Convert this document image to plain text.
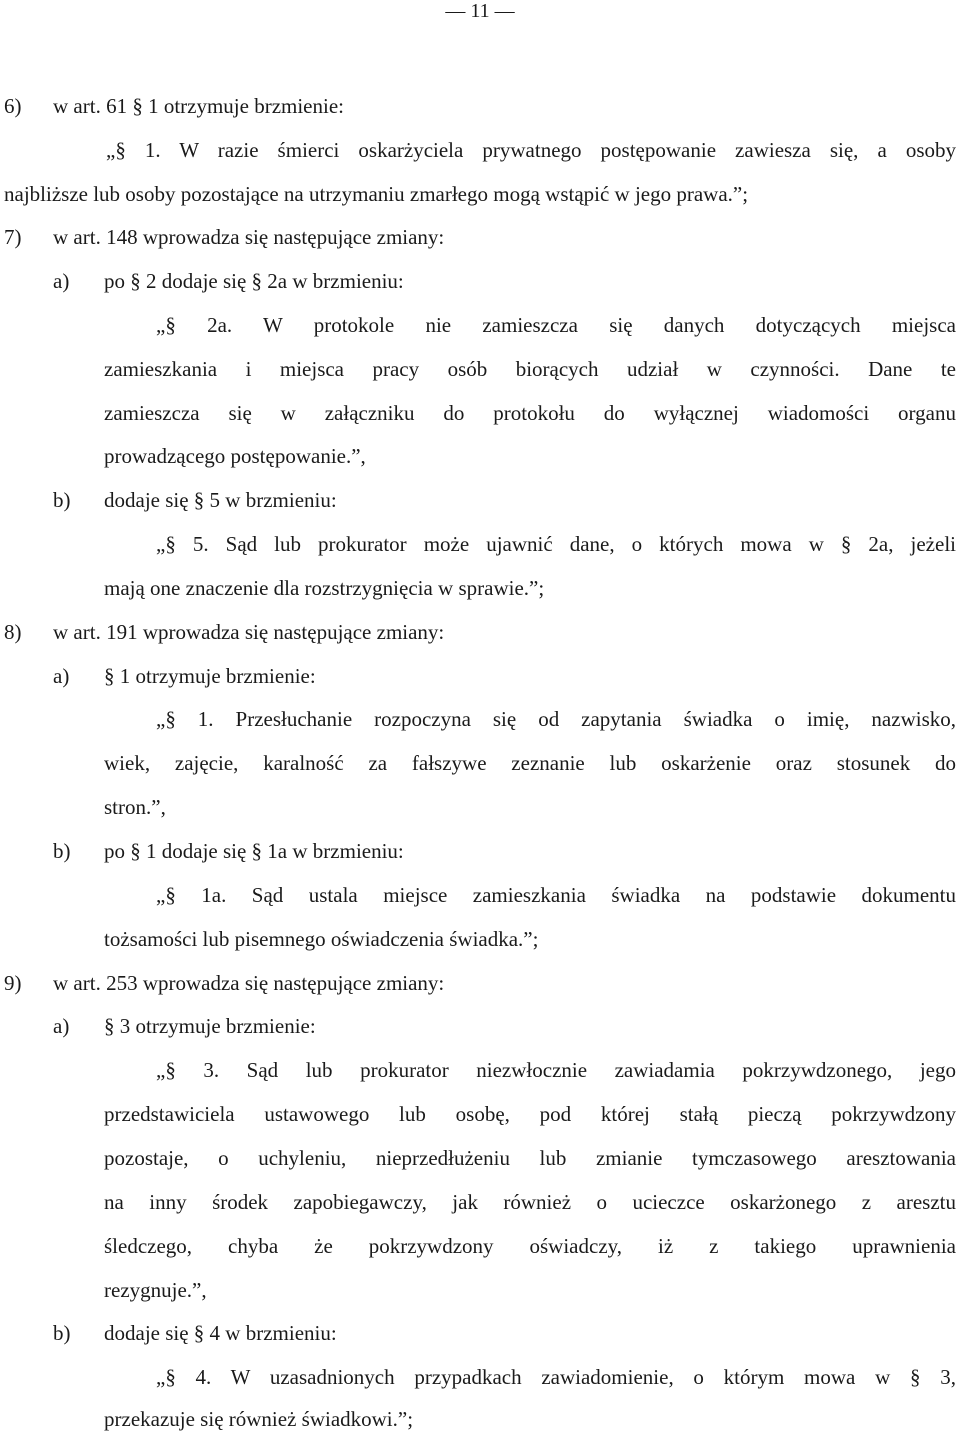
— 11 —
6) w art. 61 § 1 otrzymuje brzmienie:
„§ 1. W razie śmierci oskarżyciela prywatnego postępowanie zawiesza się, a osoby
najbliższe lub osoby pozostające na utrzymaniu zmarłego mogą wstąpić w jego prawa.”;
7) w art. 148 wprowadza się następujące zmiany:
a) po § 2 dodaje się § 2a w brzmieniu:
„§ 2a. W protokole nie zamieszcza się danych dotyczących miejsca
zamieszkania i miejsca pracy osób biorących udział w czynności. Dane te
zamieszcza się w załączniku do protokołu do wyłącznej wiadomości organu
prowadzącego postępowanie.”,
b) dodaje się § 5 w brzmieniu:
„§ 5. Sąd lub prokurator może ujawnić dane, o których mowa w § 2a, jeżeli
mają one znaczenie dla rozstrzygnięcia w sprawie.”;
8) w art. 191 wprowadza się następujące zmiany:
a) § 1 otrzymuje brzmienie:
„§ 1. Przesłuchanie rozpoczyna się od zapytania świadka o imię, nazwisko,
wiek, zajęcie, karalność za fałszywe zeznanie lub oskarżenie oraz stosunek do
stron.”,
b) po § 1 dodaje się § 1a w brzmieniu:
„§ 1a. Sąd ustala miejsce zamieszkania świadka na podstawie dokumentu
tożsamości lub pisemnego oświadczenia świadka.”;
9) w art. 253 wprowadza się następujące zmiany:
a) § 3 otrzymuje brzmienie:
„§ 3. Sąd lub prokurator niezwłocznie zawiadamia pokrzywdzonego, jego
przedstawiciela ustawowego lub osobę, pod której stałą pieczą pokrzywdzony
pozostaje, o uchyleniu, nieprzedłużeniu lub zmianie tymczasowego aresztowania
na inny środek zapobiegawczy, jak również o ucieczce oskarżonego z aresztu
śledczego, chyba że pokrzywdzony oświadczy, iż z takiego uprawnienia
rezygnuje.”,
b) dodaje się § 4 w brzmieniu:
„§ 4. W uzasadnionych przypadkach zawiadomienie, o którym mowa w § 3,
przekazuje się również świadkowi.”;
